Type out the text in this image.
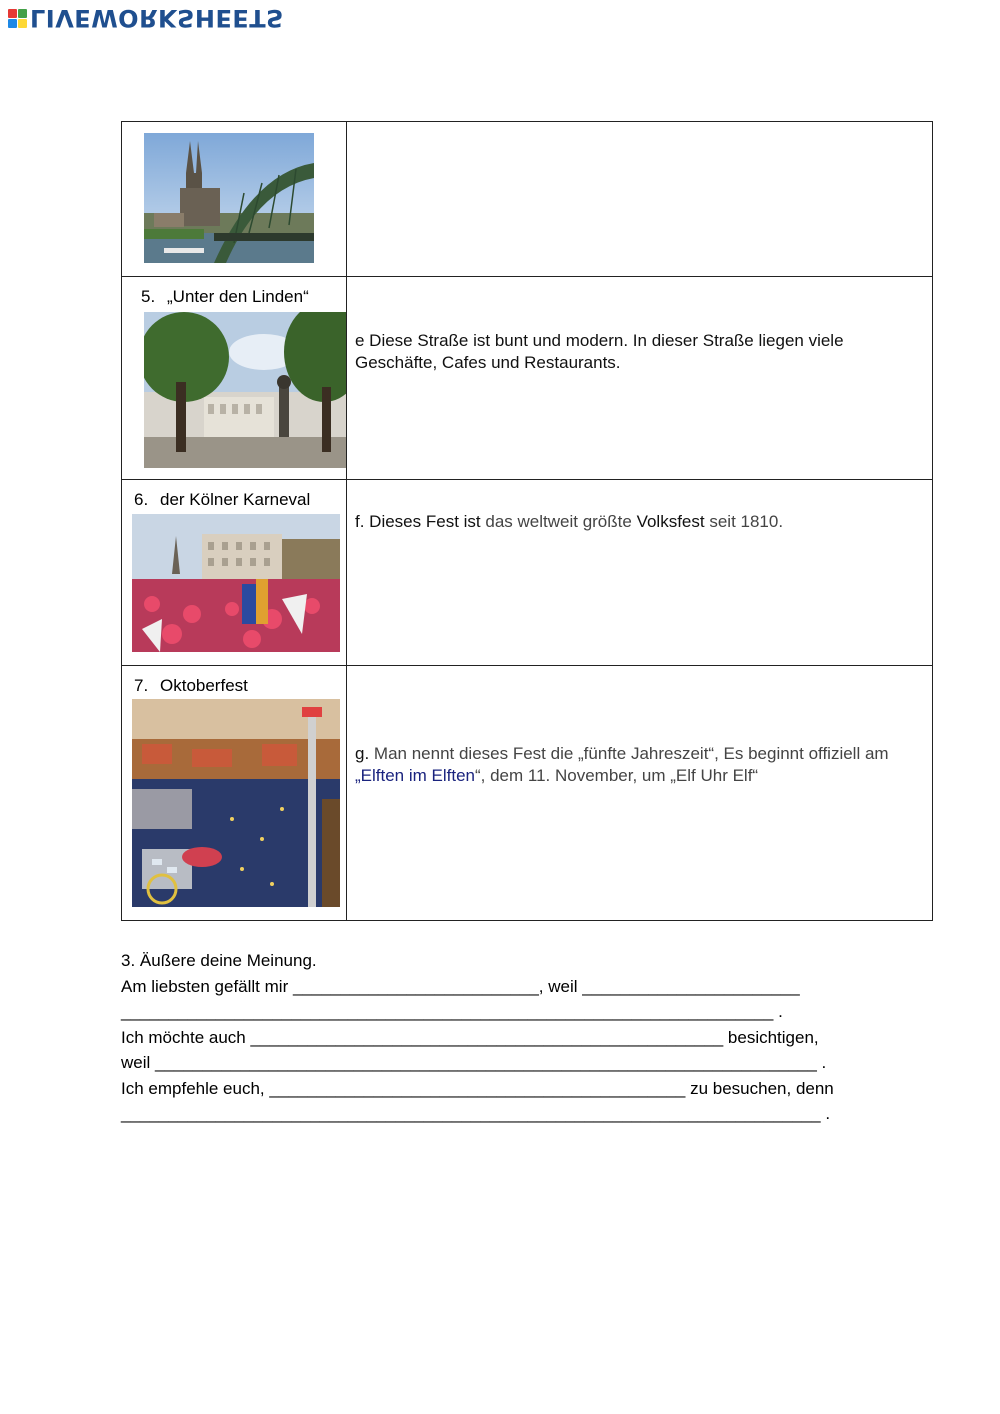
LIVEWORKSHEETS

5. „Unter den Linden“	e Diese Straße ist bunt und modern. In dieser Straße liegen viele Geschäfte, Cafes und Restaurants.

6. der Kölner Karneval	f. Dieses Fest ist das weltweit größte Volksfest seit 1810.

7. Oktoberfest	g. Man nennt dieses Fest die „fünfte Jahreszeit“, Es beginnt offiziell am „Elften im Elften“, dem 11. November, um „Elf Uhr Elf“
3. Äußere deine Meinung.
Am liebsten gefällt mir __________________________, weil _______________________
_____________________________________________________________________ .
Ich möchte auch __________________________________________________ besichtigen,
weil ______________________________________________________________________ .
Ich empfehle euch, ____________________________________________ zu besuchen, denn
__________________________________________________________________________ .
